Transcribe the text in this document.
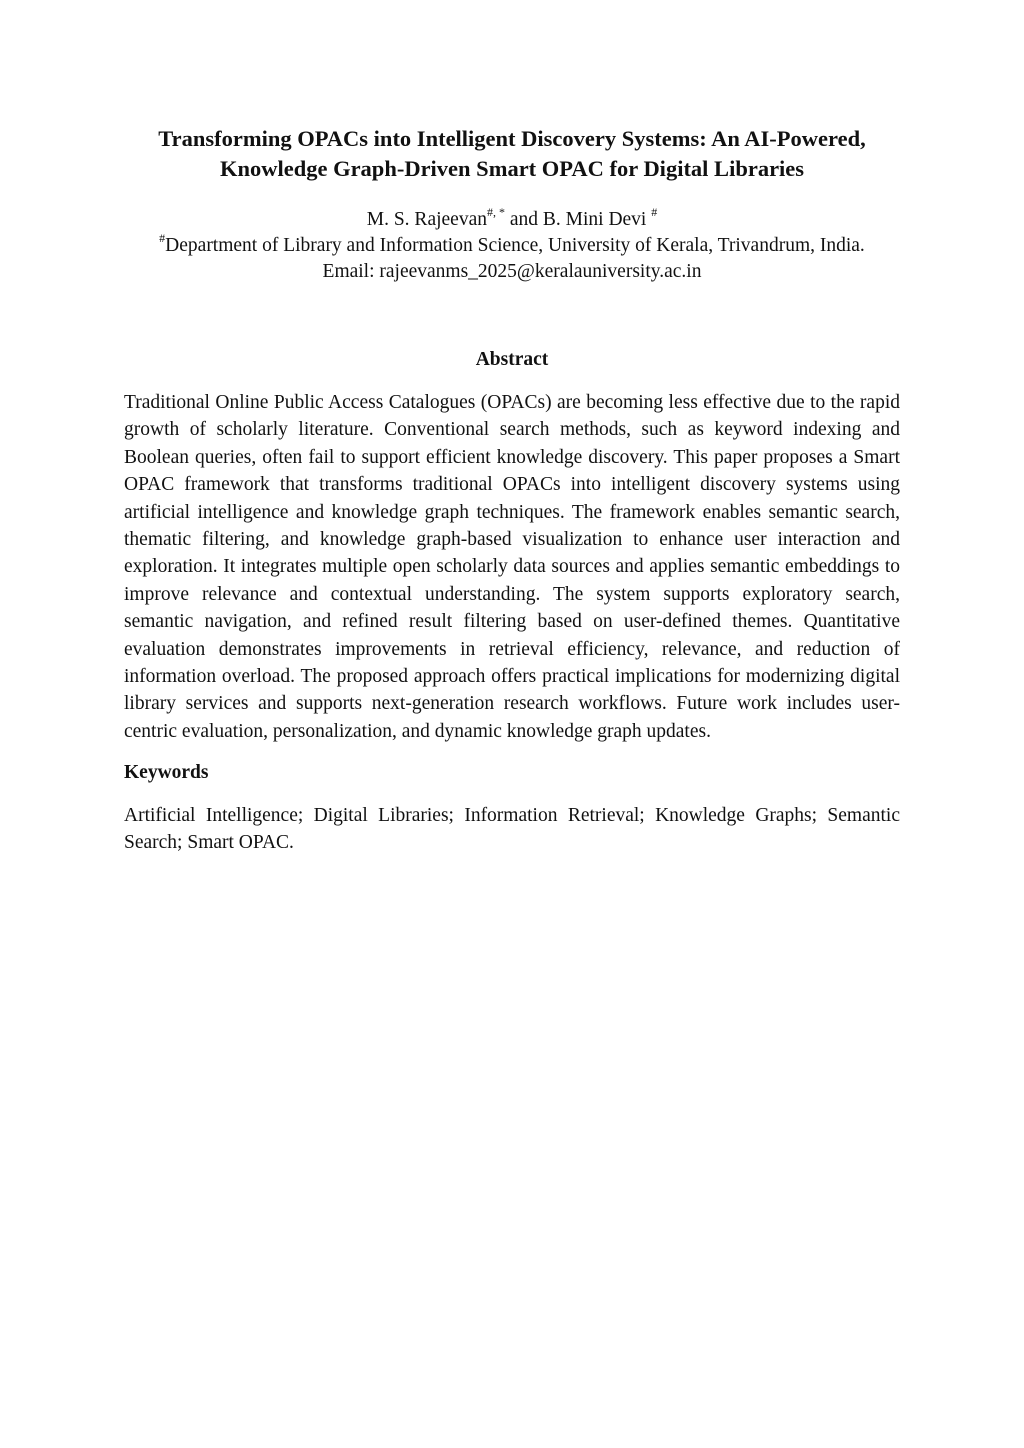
Transforming OPACs into Intelligent Discovery Systems: An AI-Powered, Knowledge Graph-Driven Smart OPAC for Digital Libraries
M. S. Rajeevan#, * and B. Mini Devi #
#Department of Library and Information Science, University of Kerala, Trivandrum, India.
Email: rajeevanms_2025@keralauniversity.ac.in
Abstract

Traditional Online Public Access Catalogues (OPACs) are becoming less effective due to the rapid growth of scholarly literature. Conventional search methods, such as keyword indexing and Boolean queries, often fail to support efficient knowledge discovery. This paper proposes a Smart OPAC framework that transforms traditional OPACs into intelligent discovery systems using artificial intelligence and knowledge graph techniques. The framework enables semantic search, thematic filtering, and knowledge graph-based visualization to enhance user interaction and exploration. It integrates multiple open scholarly data sources and applies semantic embeddings to improve relevance and contextual understanding. The system supports exploratory search, semantic navigation, and refined result filtering based on user-defined themes. Quantitative evaluation demonstrates improvements in retrieval efficiency, relevance, and reduction of information overload. The proposed approach offers practical implications for modernizing digital library services and supports next-generation research workflows. Future work includes user-centric evaluation, personalization, and dynamic knowledge graph updates.

Keywords

Artificial Intelligence; Digital Libraries; Information Retrieval; Knowledge Graphs; Semantic Search; Smart OPAC.
